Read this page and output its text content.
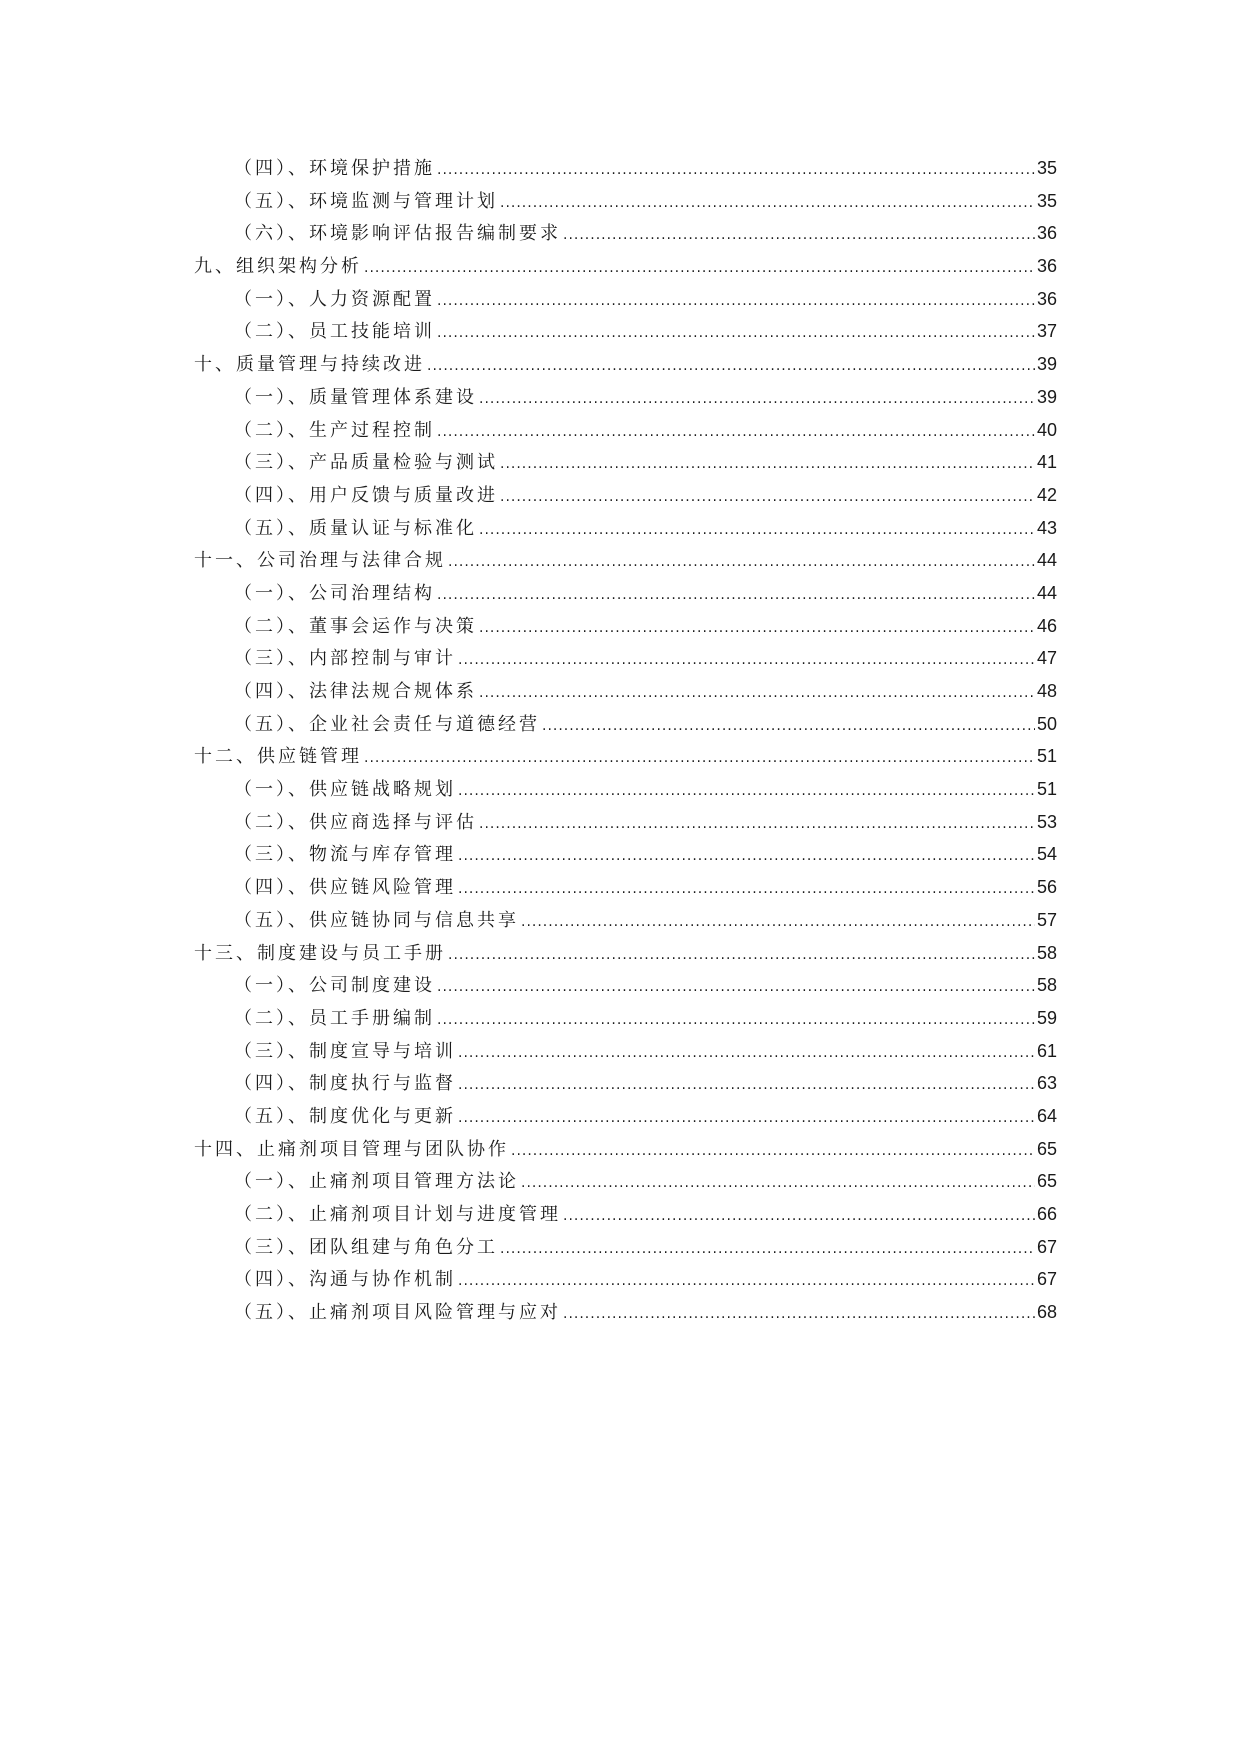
（四）、环境保护措施 .....	35
（五）、环境监测与管理计划 .....	35
（六）、环境影响评估报告编制要求 .....	36
九、组织架构分析 .....	36
（一）、人力资源配置 .....	36
（二）、员工技能培训 .....	37
十、质量管理与持续改进 .....	39
（一）、质量管理体系建设 .....	39
（二）、生产过程控制 .....	40
（三）、产品质量检验与测试 .....	41
（四）、用户反馈与质量改进 .....	42
（五）、质量认证与标准化 .....	43
十一、公司治理与法律合规 .....	44
（一）、公司治理结构 .....	44
（二）、董事会运作与决策 .....	46
（三）、内部控制与审计 .....	47
（四）、法律法规合规体系 .....	48
（五）、企业社会责任与道德经营 .....	50
十二、供应链管理 .....	51
（一）、供应链战略规划 .....	51
（二）、供应商选择与评估 .....	53
（三）、物流与库存管理 .....	54
（四）、供应链风险管理 .....	56
（五）、供应链协同与信息共享 .....	57
十三、制度建设与员工手册 .....	58
（一）、公司制度建设 .....	58
（二）、员工手册编制 .....	59
（三）、制度宣导与培训 .....	61
（四）、制度执行与监督 .....	63
（五）、制度优化与更新 .....	64
十四、止痛剂项目管理与团队协作 .....	65
（一）、止痛剂项目管理方法论 .....	65
（二）、止痛剂项目计划与进度管理 .....	66
（三）、团队组建与角色分工 .....	67
（四）、沟通与协作机制 .....	67
（五）、止痛剂项目风险管理与应对 .....	68
